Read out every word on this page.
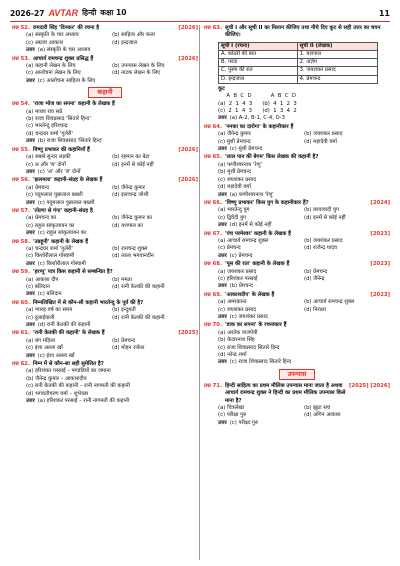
2026-27 AVTAR हिन्दी कक्षा 10	11
प्रश्न 52. रामदारी सिंह 'दिनकर' की रचना है	[2026]
(a) संस्कृति के चार अध्याय	(b) साहित्य और कला
(c) अग्रजा आकाश	(d) इन्द्रजाल
उत्तर (a) संस्कृति के चार अध्याय
प्रश्न 53. आचार्य रामचन्द्र शुक्ल प्रसिद्ध हैं	[2026]
(a) कहानी लेखन के लिए	(b) उपन्यास लेखन के लिए
(c) आलोचना लेखन के लिए	(d) नाटक लेखन के लिए
उत्तर (c) आलोचना साहित्य के लिए
कहानी
प्रश्न 54. 'राजा भोज का सपना' कहानी के लेखक हैं
(a) माधव राव सप्रे
(b) राजा शिवप्रसाद 'सितारे हिन्द'
(c) भारतेन्दु हरिश्चन्द्र
(d) चन्द्रधर शर्मा 'गुलेरी'
उत्तर (b) राजा शिवप्रसाद 'सितारे हिन्द'
प्रश्न 55. विष्णु प्रभाकर की कहानियाँ हैं	[2026]
(a) सबसे सुन्दर लड़की	(b) रहमान का बेटा
(c) अ और 'ब' दोनों	(d) इनमें से कोई नहीं
उत्तर (c) 'अ' और 'ब' दोनों
प्रश्न 56. 'झलमला' कहानी-संग्रह के लेखक हैं	[2026]
(a) प्रेमचन्द	(b) जैनेन्द्र कुमार
(c) पदुमलाल पुन्नालाल बख्शी	(d) इलाचन्द्र जोशी
उत्तर (c) पदुमलाल पुन्नालाल बख्शी
प्रश्न 57. 'तोल्गा से गंगा' कहानी-संग्रह है
(a) प्रेमचन्द का	(b) जैनेन्द्र कुमार का
(c) राहुल सांकृत्यायन का	(d) यशपाल का
उत्तर (c) राहुल सांकृत्यायन का
प्रश्न 58. 'उन्नहूनी' कहानी के लेखक हैं
(a) चन्द्रधर शर्मा 'गुलेरी'	(b) रामचन्द्र शुक्ल
(c) किशोरीलाल गोस्वामी	(d) लाला भगवानदीन
उत्तर (c) किशोरीलाल गोस्वामी
प्रश्न 59. 'हरप्पू' पात्र किस कहानी से सम्बन्धित है?
(a) आकाश दीप	(b) ममता
(c) बलिदान	(d) रानी केतकी की कहानी
उत्तर (c) बलिदान
प्रश्न 60. निम्नलिखित में से कौन-सी कहानी भारतेन्दु के पूर्व की है?
(a) ग्यारह वर्ष का समय	(b) इन्दुमती
(c) दुलाईवाली	(d) रानी केतकी की कहानी
उत्तर (d) रानी केतकी की कहानी
प्रश्न 61. 'रानी केतकी की कहानी' के लेखक हैं	[2025]
(a) बंग महिला	(b) प्रेमचन्द
(c) इंशा अल्ला खाँ	(d) मोहन राकेश
उत्तर (c) इंशा अल्ला खाँ
प्रश्न 62. निम्न में से कौन-सा सही सुमेलित है?
(a) हरिशंकर परसाई – पगडंडियों का जमाना
(b) जैनेन्द्र कुमार – आकाशदीप
(c) रानी केतकी की कहानी – रानी नागमती की कहानी
(d) भगवतीचरण वर्मा – शुभेच्छा
उत्तर (a) हरिशंकर परसाई – रानी नागमती की कहानी
प्रश्न 63. सूची I और सूची II का मिलान कीजिए तथा नीचे दिए कूट से सही उत्तर का चयन कीजिए।
सूची I (रचना)	सूची II (लेखक)
A. कोठरी की बात	1. यशपाल
B. परदा	2. अज्ञेय
C. पुरुष की रात	3. जयशंकर प्रसाद
D. इन्द्रजाल	4. प्रेमचन्द
कूट
A  B  C  D
(a)  2  1  4  3
(c)  2  1  4  3
A  B  C  D
(b)  4  1  2  3
(d)  1  3  4  2
उत्तर (a) A-2, B-1, C-4, D-3
प्रश्न 64. 'ननका का दारोगा' के कहानीकार हैं
(a) जैनेन्द्र कुमार	(b) जयशंकर प्रसाद
(c) मुंशी प्रेमचन्द	(d) महादेवी वर्मा
उत्तर (c) मुंशी प्रेमचन्द
प्रश्न 65. 'लाल पान की बेगम' किस लेखक की कहानी है?
(a) फणीश्वरनाथ 'रेणु'
(b) मुंशी प्रेमचन्द
(c) जयशंकर प्रसाद
(d) महादेवी वर्मा
उत्तर (a) फणीश्वरनाथ 'रेणु'
प्रश्न 66. 'विष्णु प्रभाकर' किस युग के कहानीकार हैं?	[2024]
(a) भारतेन्दु युग	(b) छायावादी युग
(c) द्विवेदी युग	(d) इनमें से कोई नहीं
उत्तर (d) इनमें से कोई नहीं
प्रश्न 67. 'पंच परमेश्वर' कहानी के लेखक हैं	[2023]
(a) आचार्य रामचन्द्र शुक्ल	(b) जयशंकर प्रसाद
(c) प्रेमचन्द	(d) राजेन्द्र यादव
उत्तर (c) प्रेमचन्द
प्रश्न 68. 'पूस की रात' कहानी के लेखक हैं	[2023]
(a) जयशंकर प्रसाद	(b) प्रेमचन्द
(c) हरिशंकर परसाई	(d) जैनेन्द्र
उत्तर (b) प्रेमचन्द
प्रश्न 69. 'आकाशदीप' के लेखक हैं	[2023]
(a) अमरकान्त	(b) आचार्य रामचन्द्र शुक्ल
(c) जयशंकर प्रसाद	(d) निराला
उत्तर (c) जयशंकर प्रसाद
प्रश्न 70. 'डाक का सपना' के रचनाकार हैं
(a) अशोक वाजपेयी
(b) केदारनाथ सिंह
(c) राजा शिवप्रसाद सितारे हिन्द
(d) नरेन्द्र शर्मा
उत्तर (c) राजा शिवप्रसाद सितारे हिन्द
उपन्यास
प्रश्न 71. हिन्दी साहित्य का प्रथम मौलिक उपन्यास माना जाता है अथवा आचार्य रामचन्द्र शुक्ल ने हिन्दी का प्रथम मौलिक उपन्यास किसे माना है?
[2025] [2026]
(a) चित्रलेखा	(b) झूठा सच
(c) परीक्षा गुरु	(d) अगिन आकाश
उत्तर (c) परीक्षा गुरु
